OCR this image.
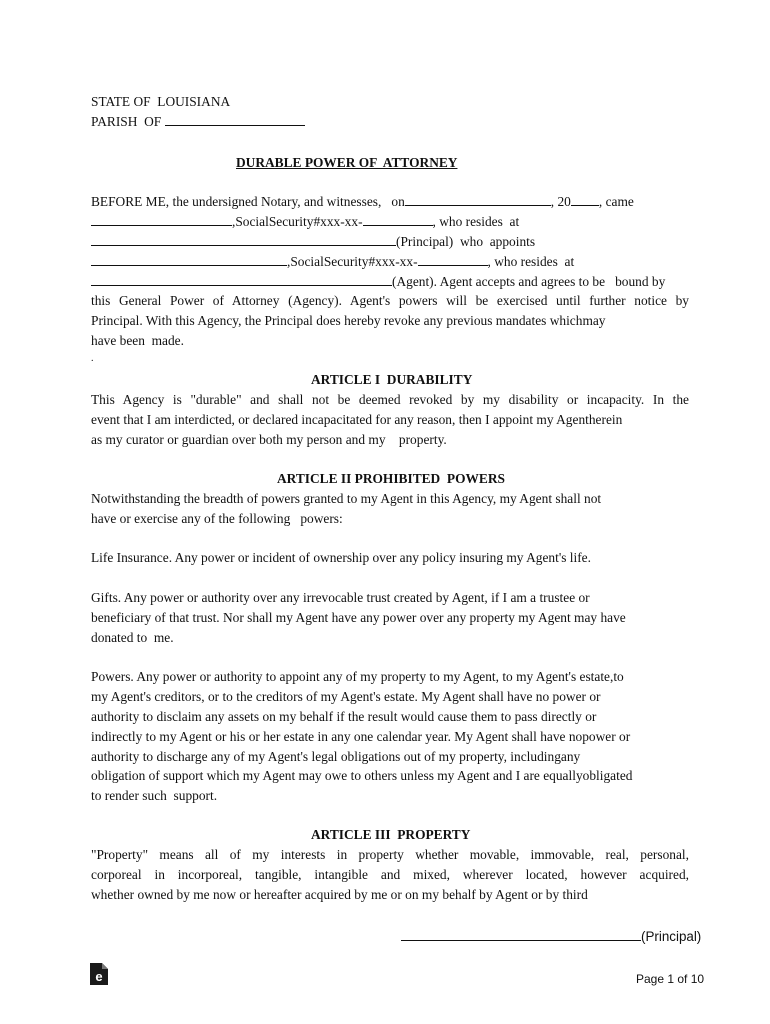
STATE OF  LOUISIANA
PARISH  OF
DURABLE POWER OF  ATTORNEY
BEFORE ME, the undersigned Notary, and witnesses,   on	, 20 , came
,SocialSecurity#xxx-xx-	, who resides  at
(Principal)  who  appoints
,SocialSecurity#xxx-xx-	, who resides  at
(Agent). Agent accepts and agrees to be   bound by
this General Power of Attorney (Agency). Agent's powers will be exercised until further notice by
Principal. With this Agency, the Principal does hereby revoke any previous mandates whichmay
have been  made.
.
ARTICLE I  DURABILITY
This Agency is "durable" and shall not be deemed revoked by my disability or incapacity. In the
event that I am interdicted, or declared incapacitated for any reason, then I appoint my Agentherein
as my curator or guardian over both my person and my    property.
ARTICLE II PROHIBITED  POWERS
Notwithstanding the breadth of powers granted to my Agent in this Agency, my Agent shall not
have or exercise any of the following   powers:
Life Insurance. Any power or incident of ownership over any policy insuring my Agent's life.
Gifts. Any power or authority over any irrevocable trust created by Agent, if I am a trustee or
beneficiary of that trust. Nor shall my Agent have any power over any property my Agent may have
donated to  me.
Powers. Any power or authority to appoint any of my property to my Agent, to my Agent's estate,to
my Agent's creditors, or to the creditors of my Agent's estate. My Agent shall have no power or
authority to disclaim any assets on my behalf if the result would cause them to pass directly or
indirectly to my Agent or his or her estate in any one calendar year. My Agent shall have nopower or
authority to discharge any of my Agent's legal obligations out of my property, includingany
obligation of support which my Agent may owe to others unless my Agent and I are equallyobligated
to render such  support.
ARTICLE III  PROPERTY
"Property" means all of my interests in property whether movable, immovable, real, personal,
corporeal in incorporeal, tangible, intangible and mixed, wherever located, however acquired,
whether owned by me now or hereafter acquired by me or on my behalf by Agent or by third
(Principal)
e	Page 1 of 10
